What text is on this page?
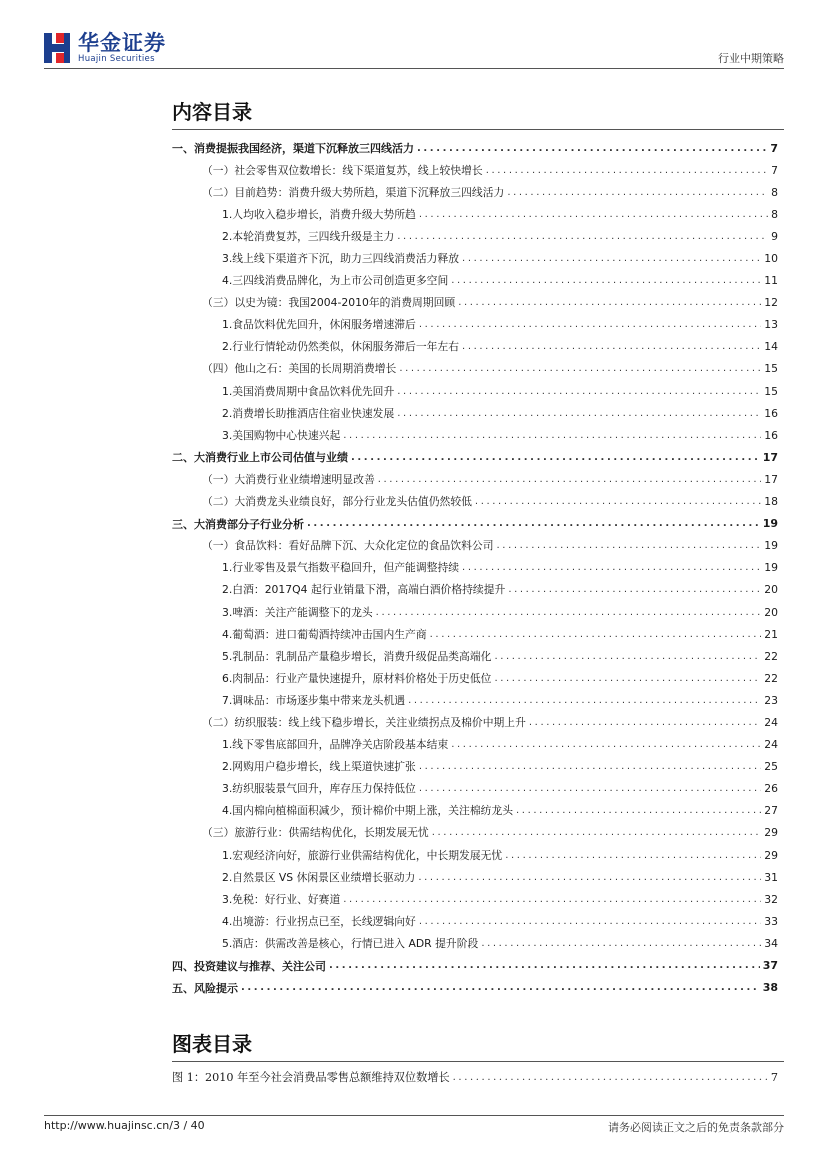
华金证券
Huajin Securities	行业中期策略
内容目录
一、消费提振我国经济，渠道下沉释放三四线活力 .....	7
（一）社会零售双位数增长：线下渠道复苏，线上较快增长 .....	7
（二）目前趋势：消费升级大势所趋，渠道下沉释放三四线活力 .....	8
1.人均收入稳步增长，消费升级大势所趋 .....	8
2.本轮消费复苏，三四线升级是主力 .....	9
3.线上线下渠道齐下沉，助力三四线消费活力释放 .....	10
4.三四线消费品牌化，为上市公司创造更多空间 .....	11
（三）以史为镜：我国2004-2010年的消费周期回顾 .....	12
1.食品饮料优先回升，休闲服务增速滞后 .....	13
2.行业行情轮动仍然类似，休闲服务滞后一年左右 .....	14
（四）他山之石：美国的长周期消费增长 .....	15
1.美国消费周期中食品饮料优先回升 .....	15
2.消费增长助推酒店住宿业快速发展 .....	16
3.美国购物中心快速兴起 .....	16
二、大消费行业上市公司估值与业绩 .....	17
（一）大消费行业业绩增速明显改善 .....	17
（二）大消费龙头业绩良好，部分行业龙头估值仍然较低 .....	18
三、大消费部分子行业分析 .....	19
（一）食品饮料：看好品牌下沉、大众化定位的食品饮料公司 .....	19
1.行业零售及景气指数平稳回升，但产能调整持续 .....	19
2.白酒：2017Q4 起行业销量下滑，高端白酒价格持续提升 .....	20
3.啤酒：关注产能调整下的龙头 .....	20
4.葡萄酒：进口葡萄酒持续冲击国内生产商 .....	21
5.乳制品：乳制品产量稳步增长，消费升级促品类高端化 .....	22
6.肉制品：行业产量快速提升，原材料价格处于历史低位 .....	22
7.调味品：市场逐步集中带来龙头机遇 .....	23
（二）纺织服装：线上线下稳步增长，关注业绩拐点及棉价中期上升 .....	24
1.线下零售底部回升，品牌净关店阶段基本结束 .....	24
2.网购用户稳步增长，线上渠道快速扩张 .....	25
3.纺织服装景气回升，库存压力保持低位 .....	26
4.国内棉向植棉面积减少，预计棉价中期上涨，关注棉纺龙头 .....	27
（三）旅游行业：供需结构优化，长期发展无忧 .....	29
1.宏观经济向好，旅游行业供需结构优化，中长期发展无忧 .....	29
2.自然景区 VS 休闲景区业绩增长驱动力 .....	31
3.免税：好行业、好赛道 .....	32
4.出境游：行业拐点已至，长线逻辑向好 .....	33
5.酒店：供需改善是核心，行情已进入 ADR 提升阶段 .....	34
四、投资建议与推荐、关注公司 .....	37
五、风险提示 .....	38
图表目录
图 1：2010 年至今社会消费品零售总额维持双位数增长 .....	7
http://www.huajinsc.cn/3 / 40	请务必阅读正文之后的免责条款部分
